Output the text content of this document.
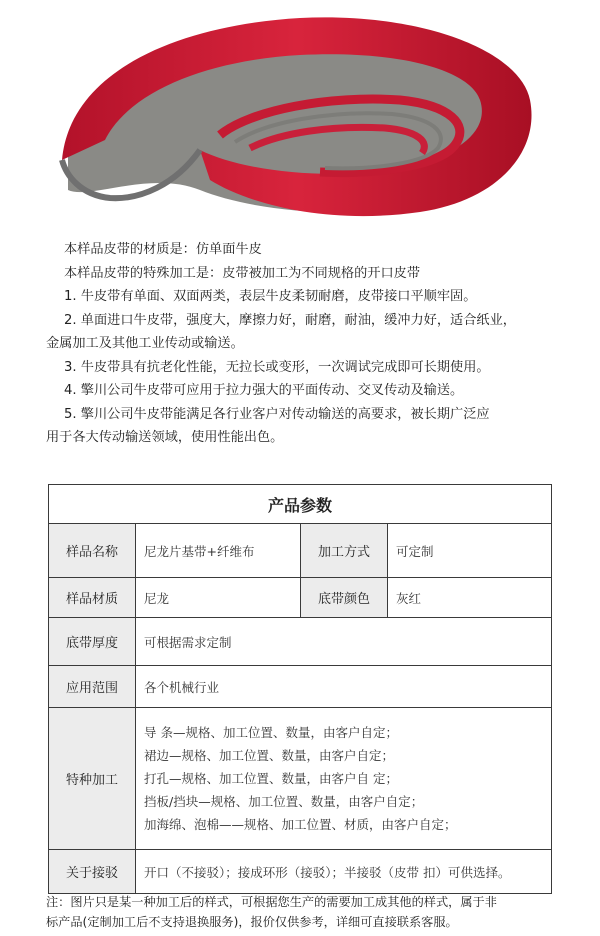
本样品皮带的材质是：仿单面牛皮

本样品皮带的特殊加工是：皮带被加工为不同规格的开口皮带

1. 牛皮带有单面、双面两类，表层牛皮柔韧耐磨，皮带接口平顺牢固。

2. 单面进口牛皮带，强度大，摩擦力好，耐磨，耐油，缓冲力好，适合纸业，

金属加工及其他工业传动或输送。

3. 牛皮带具有抗老化性能，无拉长或变形，一次调试完成即可长期使用。

4. 擎川公司牛皮带可应用于拉力强大的平面传动、交叉传动及输送。

5. 擎川公司牛皮带能满足各行业客户对传动输送的高要求，被长期广泛应

用于各大传动输送领域，使用性能出色。

产品参数			
样品名称	尼龙片基带+纤维布	加工方式	可定制
样品材质	尼龙	底带颜色	灰红
底带厚度	可根据需求定制		
应用范围	各个机械行业		
特种加工	导 条—规格、加工位置、数量，由客户自定；
裙边—规格、加工位置、数量，由客户自定；
打孔—规格、加工位置、数量，由客户自 定；
挡板/挡块—规格、加工位置、数量，由客户自定；
加海绵、泡棉——规格、加工位置、材质，由客户自定；		

关于接驳	开口（不接驳）；接成环形（接驳）；半接驳（皮带 扣）可供选择。		
注：图片只是某一种加工后的样式，可根据您生产的需要加工成其他的样式，属于非
标产品(定制加工后不支持退换服务)，报价仅供参考，详细可直接联系客服。
